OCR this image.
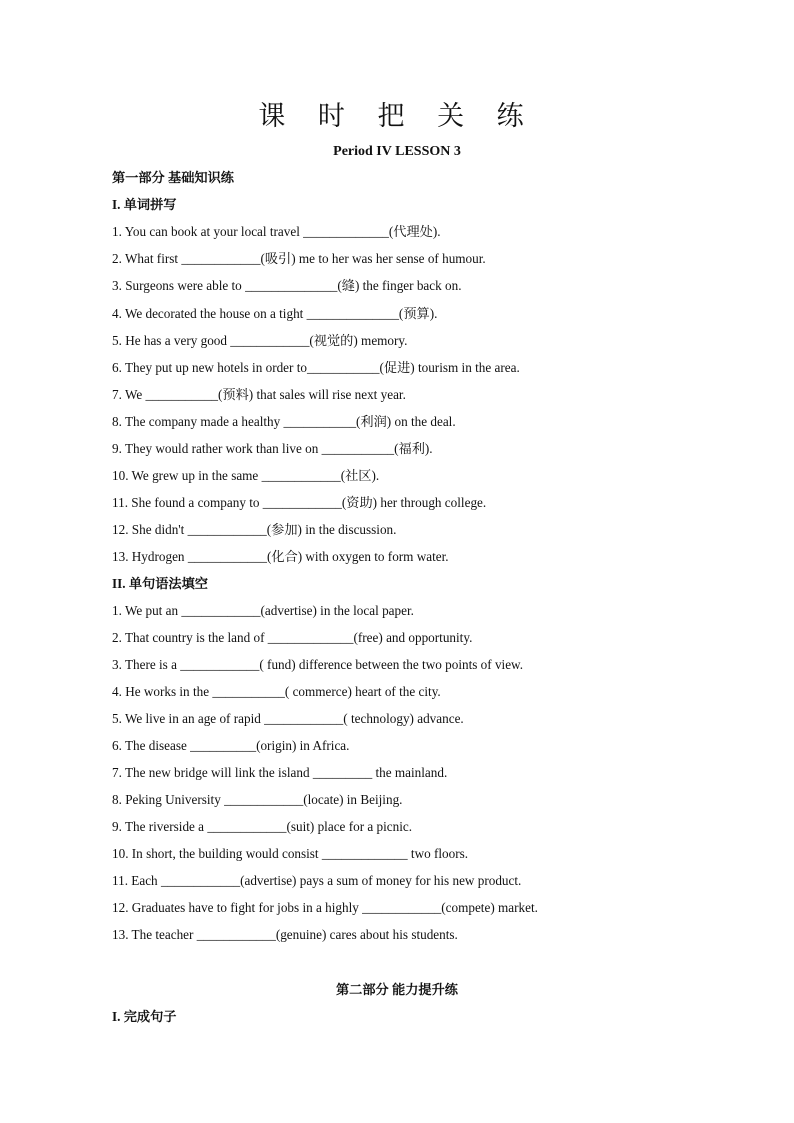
课 时 把 关 练
Period IV LESSON 3
第一部分 基础知识练
I. 单词拼写
1. You can book at your local travel _____________(代理处).
2. What first ____________(吸引) me to her was her sense of humour.
3. Surgeons were able to ______________(缝) the finger back on.
4. We decorated the house on a tight ______________(预算).
5. He has a very good ____________(视觉的) memory.
6. They put up new hotels in order to___________(促进) tourism in the area.
7. We ___________(预料) that sales will rise next year.
8. The company made a healthy ___________(利润) on the deal.
9. They would rather work than live on ___________(福利).
10. We grew up in the same ____________(社区).
11. She found a company to ____________(资助) her through college.
12. She didn't ____________(参加) in the discussion.
13. Hydrogen ____________(化合) with oxygen to form water.
II. 单句语法填空
1. We put an ____________(advertise) in the local paper.
2. That country is the land of _____________(free) and opportunity.
3. There is a ____________( fund) difference between the two points of view.
4. He works in the ___________( commerce) heart of the city.
5. We live in an age of rapid ____________( technology) advance.
6. The disease __________(origin) in Africa.
7. The new bridge will link the island _________ the mainland.
8. Peking University ____________(locate) in Beijing.
9. The riverside a ____________(suit) place for a picnic.
10. In short, the building would consist _____________ two floors.
11. Each ____________(advertise) pays a sum of money for his new product.
12. Graduates have to fight for jobs in a highly ____________(compete) market.
13. The teacher ____________(genuine) cares about his students.
第二部分 能力提升练
I. 完成句子
